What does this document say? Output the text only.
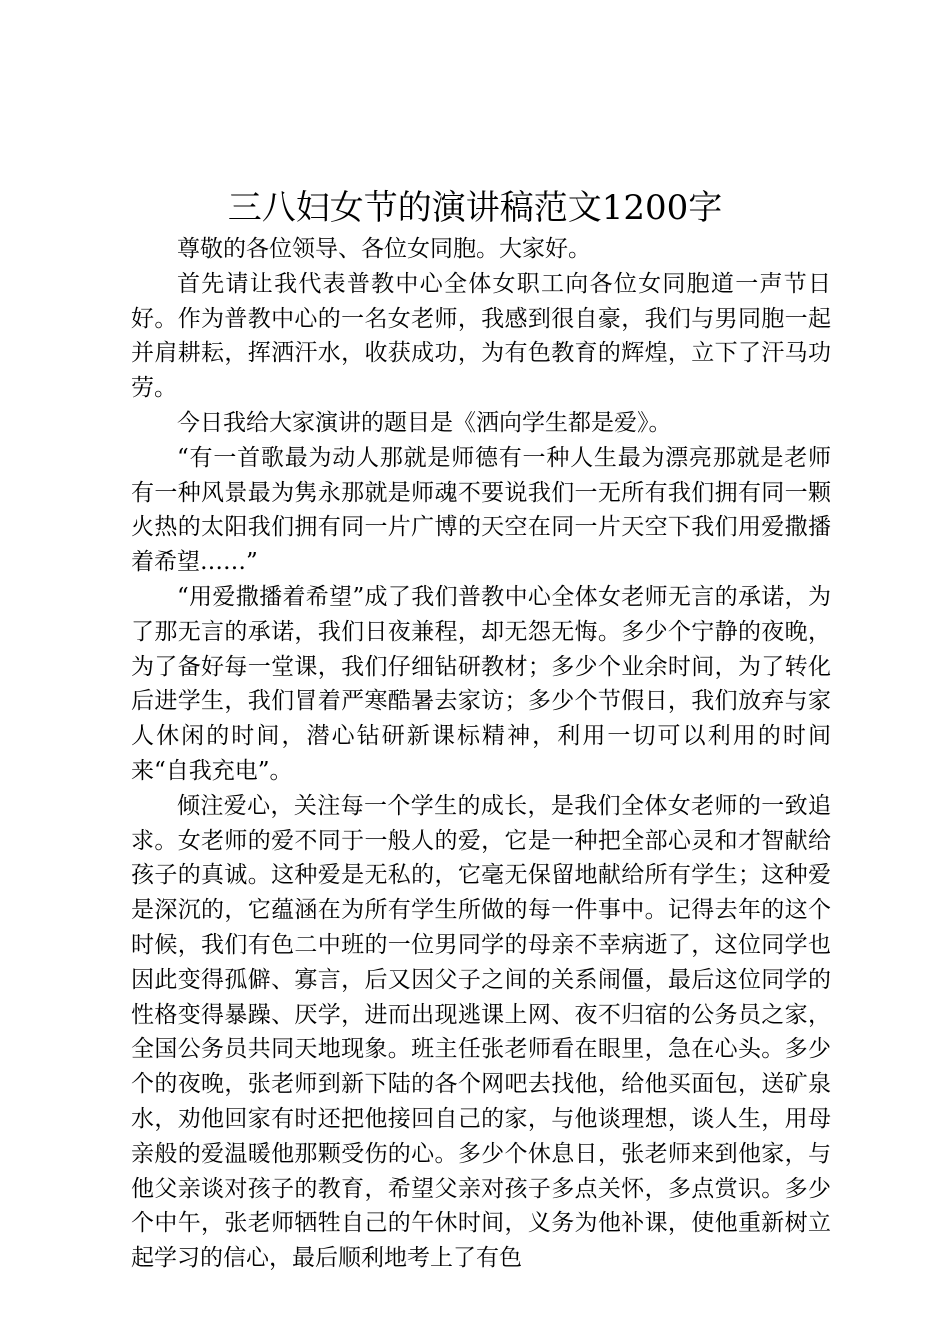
三八妇女节的演讲稿范文1200字

尊敬的各位领导、各位女同胞。大家好。

首先请让我代表普教中心全体女职工向各位女同胞道一声节日好。作为普教中心的一名女老师，我感到很自豪，我们与男同胞一起并肩耕耘，挥洒汗水，收获成功，为有色教育的辉煌，立下了汗马功劳。

今日我给大家演讲的题目是《洒向学生都是爱》。

“有一首歌最为动人那就是师德有一种人生最为漂亮那就是老师有一种风景最为隽永那就是师魂不要说我们一无所有我们拥有同一颗火热的太阳我们拥有同一片广博的天空在同一片天空下我们用爱撒播着希望……”

“用爱撒播着希望”成了我们普教中心全体女老师无言的承诺，为了那无言的承诺，我们日夜兼程，却无怨无悔。多少个宁静的夜晚，为了备好每一堂课，我们仔细钻研教材；多少个业余时间，为了转化后进学生，我们冒着严寒酷暑去家访；多少个节假日，我们放弃与家人休闲的时间，潜心钻研新课标精神，利用一切可以利用的时间来“自我充电”。

倾注爱心，关注每一个学生的成长，是我们全体女老师的一致追求。女老师的爱不同于一般人的爱，它是一种把全部心灵和才智献给孩子的真诚。这种爱是无私的，它毫无保留地献给所有学生；这种爱是深沉的，它蕴涵在为所有学生所做的每一件事中。记得去年的这个时候，我们有色二中班的一位男同学的母亲不幸病逝了，这位同学也因此变得孤僻、寡言，后又因父子之间的关系闹僵，最后这位同学的性格变得暴躁、厌学，进而出现逃课上网、夜不归宿的公务员之家，全国公务员共同天地现象。班主任张老师看在眼里，急在心头。多少个的夜晚，张老师到新下陆的各个网吧去找他，给他买面包，送矿泉水，劝他回家有时还把他接回自己的家，与他谈理想，谈人生，用母亲般的爱温暖他那颗受伤的心。多少个休息日，张老师来到他家，与他父亲谈对孩子的教育，希望父亲对孩子多点关怀，多点赏识。多少个中午，张老师牺牲自己的午休时间，义务为他补课，使他重新树立起学习的信心，最后顺利地考上了有色
